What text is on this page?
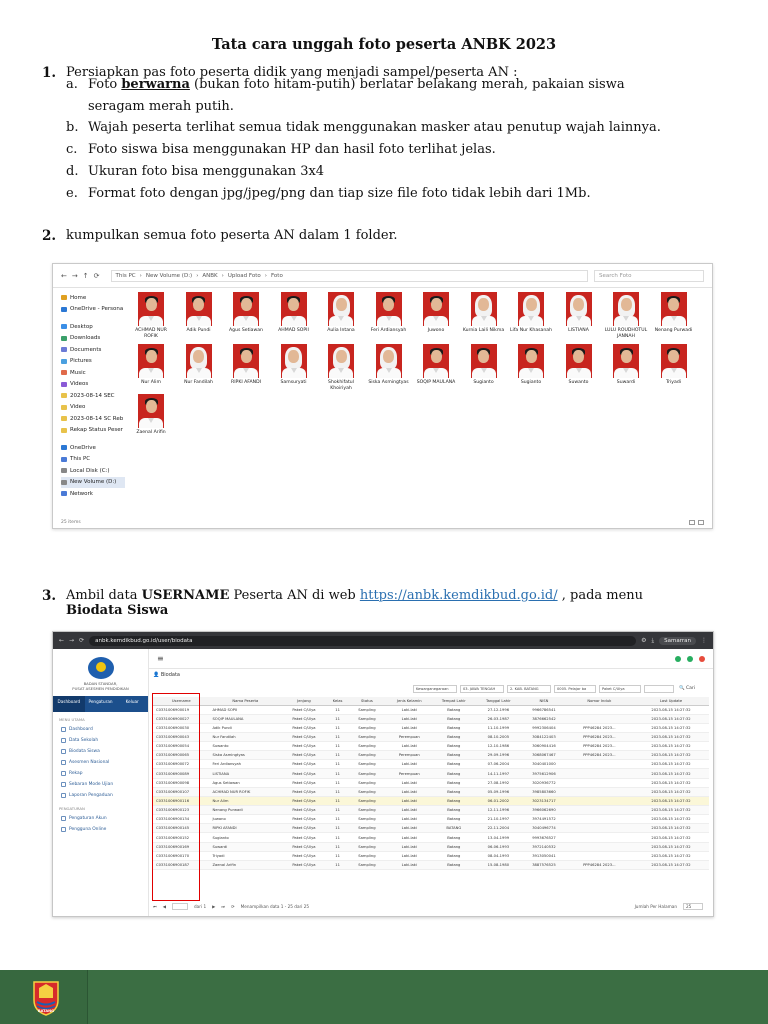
Tata cara unggah foto peserta ANBK 2023
1. Persiapkan pas foto peserta didik yang menjadi sampel/peserta AN :
a. Foto berwarna (bukan foto hitam-putih) berlatar belakang merah, pakaian siswa
seragam merah putih.
b. Wajah peserta terlihat semua tidak menggunakan masker atau penutup wajah lainnya.
c. Foto siswa bisa menggunakan HP dan hasil foto terlihat jelas.
d. Ukuran foto bisa menggunakan 3x4
e. Format foto dengan jpg/jpeg/png dan tiap size file foto tidak lebih dari 1Mb.
2. kumpulkan semua foto peserta AN dalam 1 folder.
← → ↑ ⟳	This PC › New Volume (D:) › ANBK › Upload Foto › Foto	Search Foto
Home
OneDrive - Persona
Desktop
Downloads
Documents
Pictures
Music
Videos
2023-08-14 SEC
Video
2023-08-14 SC Reb
Rekap Status Peser
OneDrive
This PC
Local Disk (C:)
New Volume (D:)
Network
ACHMAD NUR ROFIK
Adik Pundi	Agus Setiawan	AHMAD SOPII	Aulia Intana	Feri Ardiansyah	Juwono	Kurnia Laili Nikma Lifa Nur Khasanah	LISTIANA	LULU ROUDHOTUL JANNAH
Nenang Purwadi
Nur Alim	Nur Fandilah	RIPKI AFANDI	Samsuryati	Shokhifatul Khoiriyah
Siska Asmingtyas	SOQIP MAULANA	Sugianto	Sugianto	Suwanto	Suwardi	Triyadi
Zaenal Arifin
25 items
3. Ambil data USERNAME Peserta AN di web https://anbk.kemdikbud.go.id/ , pada menu
Biodata Siswa
← → ⟳ anbk.kemdikbud.go.id/user/biodata	⚙ ⤓	Samarran	⋮
BADAN STANDAR,
PUSAT ASESMEN PENDIDIKAN
Dashboard	Pengaturan	Keluar
MENU UTAMA
Dashboard
Data Sekolah
Biodata Siswa
Asesmen Nasional
Rekap
Sebaran Mode Ujian
Laporan Pengaduan
PENGATURAN
Pengaturan Akun
Pengguna Online
≡
👤 Biodata
Kewarganegaraan	03. JAWA TENGAH	2. KAB. BATANG	0005. Pelajar ba	Paket C/Ulya	🔍 Cari
Username	Nama Peserta	Jenjang	Kelas	Status	Jenis Kelamin	Tempat Lahir	Tanggal Lahir	NISN	Nomor Induk	Last Update
C0331006900019	AHMAD SOPII	Paket C/Ulya	11	Sampling	Laki-laki	Batang	27-12-1996	9966786541		2023-08-15 14:27:32
C0331006900027	SOQIP MAULANA	Paket C/Ulya	11	Sampling	Laki-laki	Batang	26-03-1987	3876662542		2023-08-15 14:27:32
C0331006900030	Adik Pundi	Paket C/Ulya	11	Sampling	Laki-laki	Batang	11-10-1999	9992306404	PPP46284 2023...	2023-08-15 14:27:32
C0331006900043	Nur Fandilah	Paket C/Ulya	11	Sampling	Perempuan	Batang	08-10-2005	3084122403	PPP46284 2023...	2023-08-15 14:27:32
C0331006900054	Suwanto	Paket C/Ulya	11	Sampling	Laki-laki	Batang	12-10-1986	3060904416	PPP46284 2023...	2023-08-15 14:27:32
C0331006900065	Siska Asmingtyas	Paket C/Ulya	11	Sampling	Perempuan	Batang	29-09-1996	3068067467	PPP46284 2023...	2023-08-15 14:27:32
C0331006900072	Feri Ardiansyah	Paket C/Ulya	11	Sampling	Laki-laki	Batang	07-06-2004	3040401000		2023-08-15 14:27:32
C0331006900089	LISTIANA	Paket C/Ulya	11	Sampling	Perempuan	Batang	14-11-1997	3975612906		2023-08-15 14:27:32
C0331006900098	Agus Setiawan	Paket C/Ulya	11	Sampling	Laki-laki	Batang	27-08-1992	3020936772		2023-08-15 14:27:32
C0331006900107	ACHMAD NUR ROFIK	Paket C/Ulya	11	Sampling	Laki-laki	Batang	05-09-1996	3985803660		2023-08-15 14:27:32
C0331006900116	Nur Alim	Paket C/Ulya	11	Sampling	Laki-laki	Batang	06-01-2002	3023134717		2023-08-15 14:27:32
C0331006900123	Nenang Purwadi	Paket C/Ulya	11	Sampling	Laki-laki	Batang	12-11-1996	3966062690		2023-08-15 14:27:32
C0331006900134	Juwono	Paket C/Ulya	11	Sampling	Laki-laki	Batang	21-10-1997	3974491572		2023-08-15 14:27:32
C0331006900145	RIPKI AFANDI	Paket C/Ulya	11	Sampling	Laki-laki	BATANG	22-11-2004	3040496774		2023-08-15 14:27:32
C0331006900152	Sugianto	Paket C/Ulya	11	Sampling	Laki-laki	Batang	13-04-1999	9993676527		2023-08-15 14:27:32
C0331006900169	Suwardi	Paket C/Ulya	11	Sampling	Laki-laki	Batang	06-06-1993	3972140532		2023-08-15 14:27:32
C0331006900170	Triyadi	Paket C/Ulya	11	Sampling	Laki-laki	Batang	08-04-1993	3913050041		2023-08-15 14:27:32
C0331006900187	Zaenal Arifin	Paket C/Ulya	11	Sampling	Laki-laki	Batang	15-08-1980	3887576525	PPP46284 2023...	2023-08-15 14:27:32
⏮ ◀	dari 1 ▶ ⏭ ⟳ Menampilkan data 1 - 25 dari 25	Jumlah Per Halaman	25
BATANG
